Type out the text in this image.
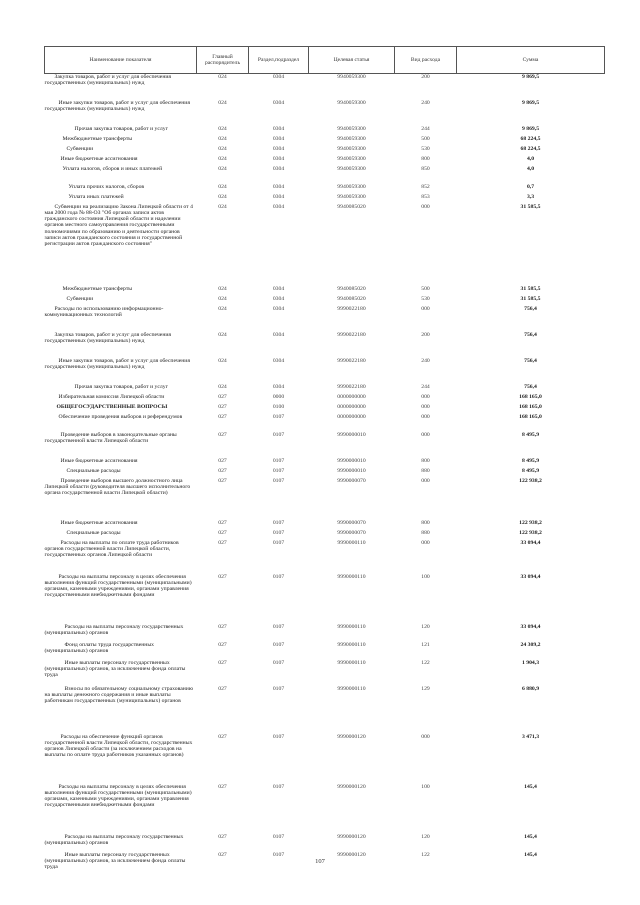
Наименование показателя	Главный распорядитель	Раздел,подраздел	Целевая статья	Вид расхода	Сумма
Закупка товаров, работ и услуг для обеспечения государственных (муниципальных) нужд	024	0304	9940059300	200	9 869,5
Иные закупки товаров, работ и услуг для обеспечения государственных (муниципальных) нужд	024	0304	9940059300	240	9 869,5
Прочая закупка товаров, работ и услуг	024	0304	9940059300	244	9 869,5
Межбюджетные трансферты	024	0304	9940059300	500	68 224,5
Субвенции	024	0304	9940059300	530	68 224,5
Иные бюджетные ассигнования	024	0304	9940059300	800	4,0
Уплата налогов, сборов и иных платежей	024	0304	9940059300	850	4,0
Уплата прочих налогов, сборов	024	0304	9940059300	852	0,7
Уплата иных платежей	024	0304	9940059300	853	3,3
Субвенции на реализацию Закона Липецкой области от 4 мая 2000 года № 88-ОЗ "Об органах записи актов гражданского состояния Липецкой области и наделении органов местного самоуправления государственными полномочиями по образованию и деятельности органов записи актов гражданского состояния и государственной регистрации актов гражданского состояния"	024	0304	9940085020	000	31 585,5
Межбюджетные трансферты	024	0304	9940085020	500	31 585,5
Субвенции	024	0304	9940085020	530	31 585,5
Расходы по использованию информационно-коммуникационных технологий	024	0304	9990022180	000	756,4
Закупка товаров, работ и услуг для обеспечения государственных (муниципальных) нужд	024	0304	9990022180	200	756,4
Иные закупки товаров, работ и услуг для обеспечения государственных (муниципальных) нужд	024	0304	9990022180	240	756,4
Прочая закупка товаров, работ и услуг	024	0304	9990022180	244	756,4
Избирательная комиссия Липецкой области	027	0000	0000000000	000	168 165,0
ОБЩЕГОСУДАРСТВЕННЫЕ ВОПРОСЫ	027	0100	0000000000	000	168 165,0
Обеспечение проведения выборов и референдумов	027	0107	0000000000	000	168 165,0
Проведение выборов в законодательные органы государственной власти Липецкой области	027	0107	9990000010	000	8 495,9
Иные бюджетные ассигнования	027	0107	9990000010	800	8 495,9
Специальные расходы	027	0107	9990000010	880	8 495,9
Проведение выборов высшего должностного лица Липецкой области (руководителя высшего исполнительного органа государственной власти Липецкой области)	027	0107	9990000070	000	122 938,2
Иные бюджетные ассигнования	027	0107	9990000070	800	122 938,2
Специальные расходы	027	0107	9990000070	880	122 938,2
Расходы на выплаты по оплате труда работников органов государственной власти Липецкой области, государственных органов Липецкой области	027	0107	9990000110	000	33 094,4
Расходы на выплаты персоналу в целях обеспечения выполнения функций государственными (муниципальными) органами, казенными учреждениями, органами управления государственными внебюджетными фондами	027	0107	9990000110	100	33 094,4
Расходы на выплаты персоналу государственных (муниципальных) органов	027	0107	9990000110	120	33 094,4
Фонд оплаты труда государственных (муниципальных) органов	027	0107	9990000110	121	24 309,2
Иные выплаты персоналу государственных (муниципальных) органов, за исключением фонда оплаты труда	027	0107	9990000110	122	1 904,3
Взносы по обязательному социальному страхованию на выплаты денежного содержания и иные выплаты работникам государственных (муниципальных) органов	027	0107	9990000110	129	6 880,9
Расходы на обеспечение функций органов государственной власти Липецкой области, государственных органов Липецкой области (за исключением расходов на выплаты по оплате труда работников указанных органов)	027	0107	9990000120	000	3 471,3
Расходы на выплаты персоналу в целях обеспечения выполнения функций государственными (муниципальными) органами, казенными учреждениями, органами управления государственными внебюджетными фондами	027	0107	9990000120	100	145,4
Расходы на выплаты персоналу государственных (муниципальных) органов	027	0107	9990000120	120	145,4
Иные выплаты персоналу государственных (муниципальных) органов, за исключением фонда оплаты труда	027	0107	9990000120	122	145,4
107
